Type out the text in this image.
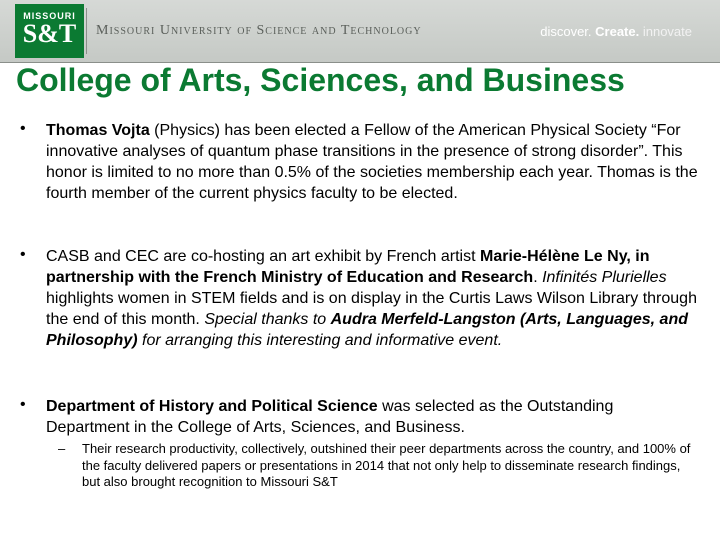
MISSOURI
S&T	Missouri University of Science and Technology	discover. Create. innovate
College of Arts, Sciences, and Business
• Thomas Vojta (Physics) has been elected a Fellow of the American Physical Society “For innovative analyses of quantum phase transitions in the presence of strong disorder”. This honor is limited to no more than 0.5% of the societies membership each year. Thomas is the fourth member of the current physics faculty to be elected.
• CASB and CEC are co-hosting an art exhibit by French artist Marie-Hélène Le Ny, in partnership with the French Ministry of Education and Research. Infinités Plurielles highlights women in STEM fields and is on display in the Curtis Laws Wilson Library through the end of this month. Special thanks to Audra Merfeld-Langston (Arts, Languages, and Philosophy) for arranging this interesting and informative event.
• Department of History and Political Science was selected as the Outstanding Department in the College of Arts, Sciences, and Business.
– Their research productivity, collectively, outshined their peer departments across the country, and 100% of the faculty delivered papers or presentations in 2014 that not only help to disseminate research findings, but also brought recognition to Missouri S&T
